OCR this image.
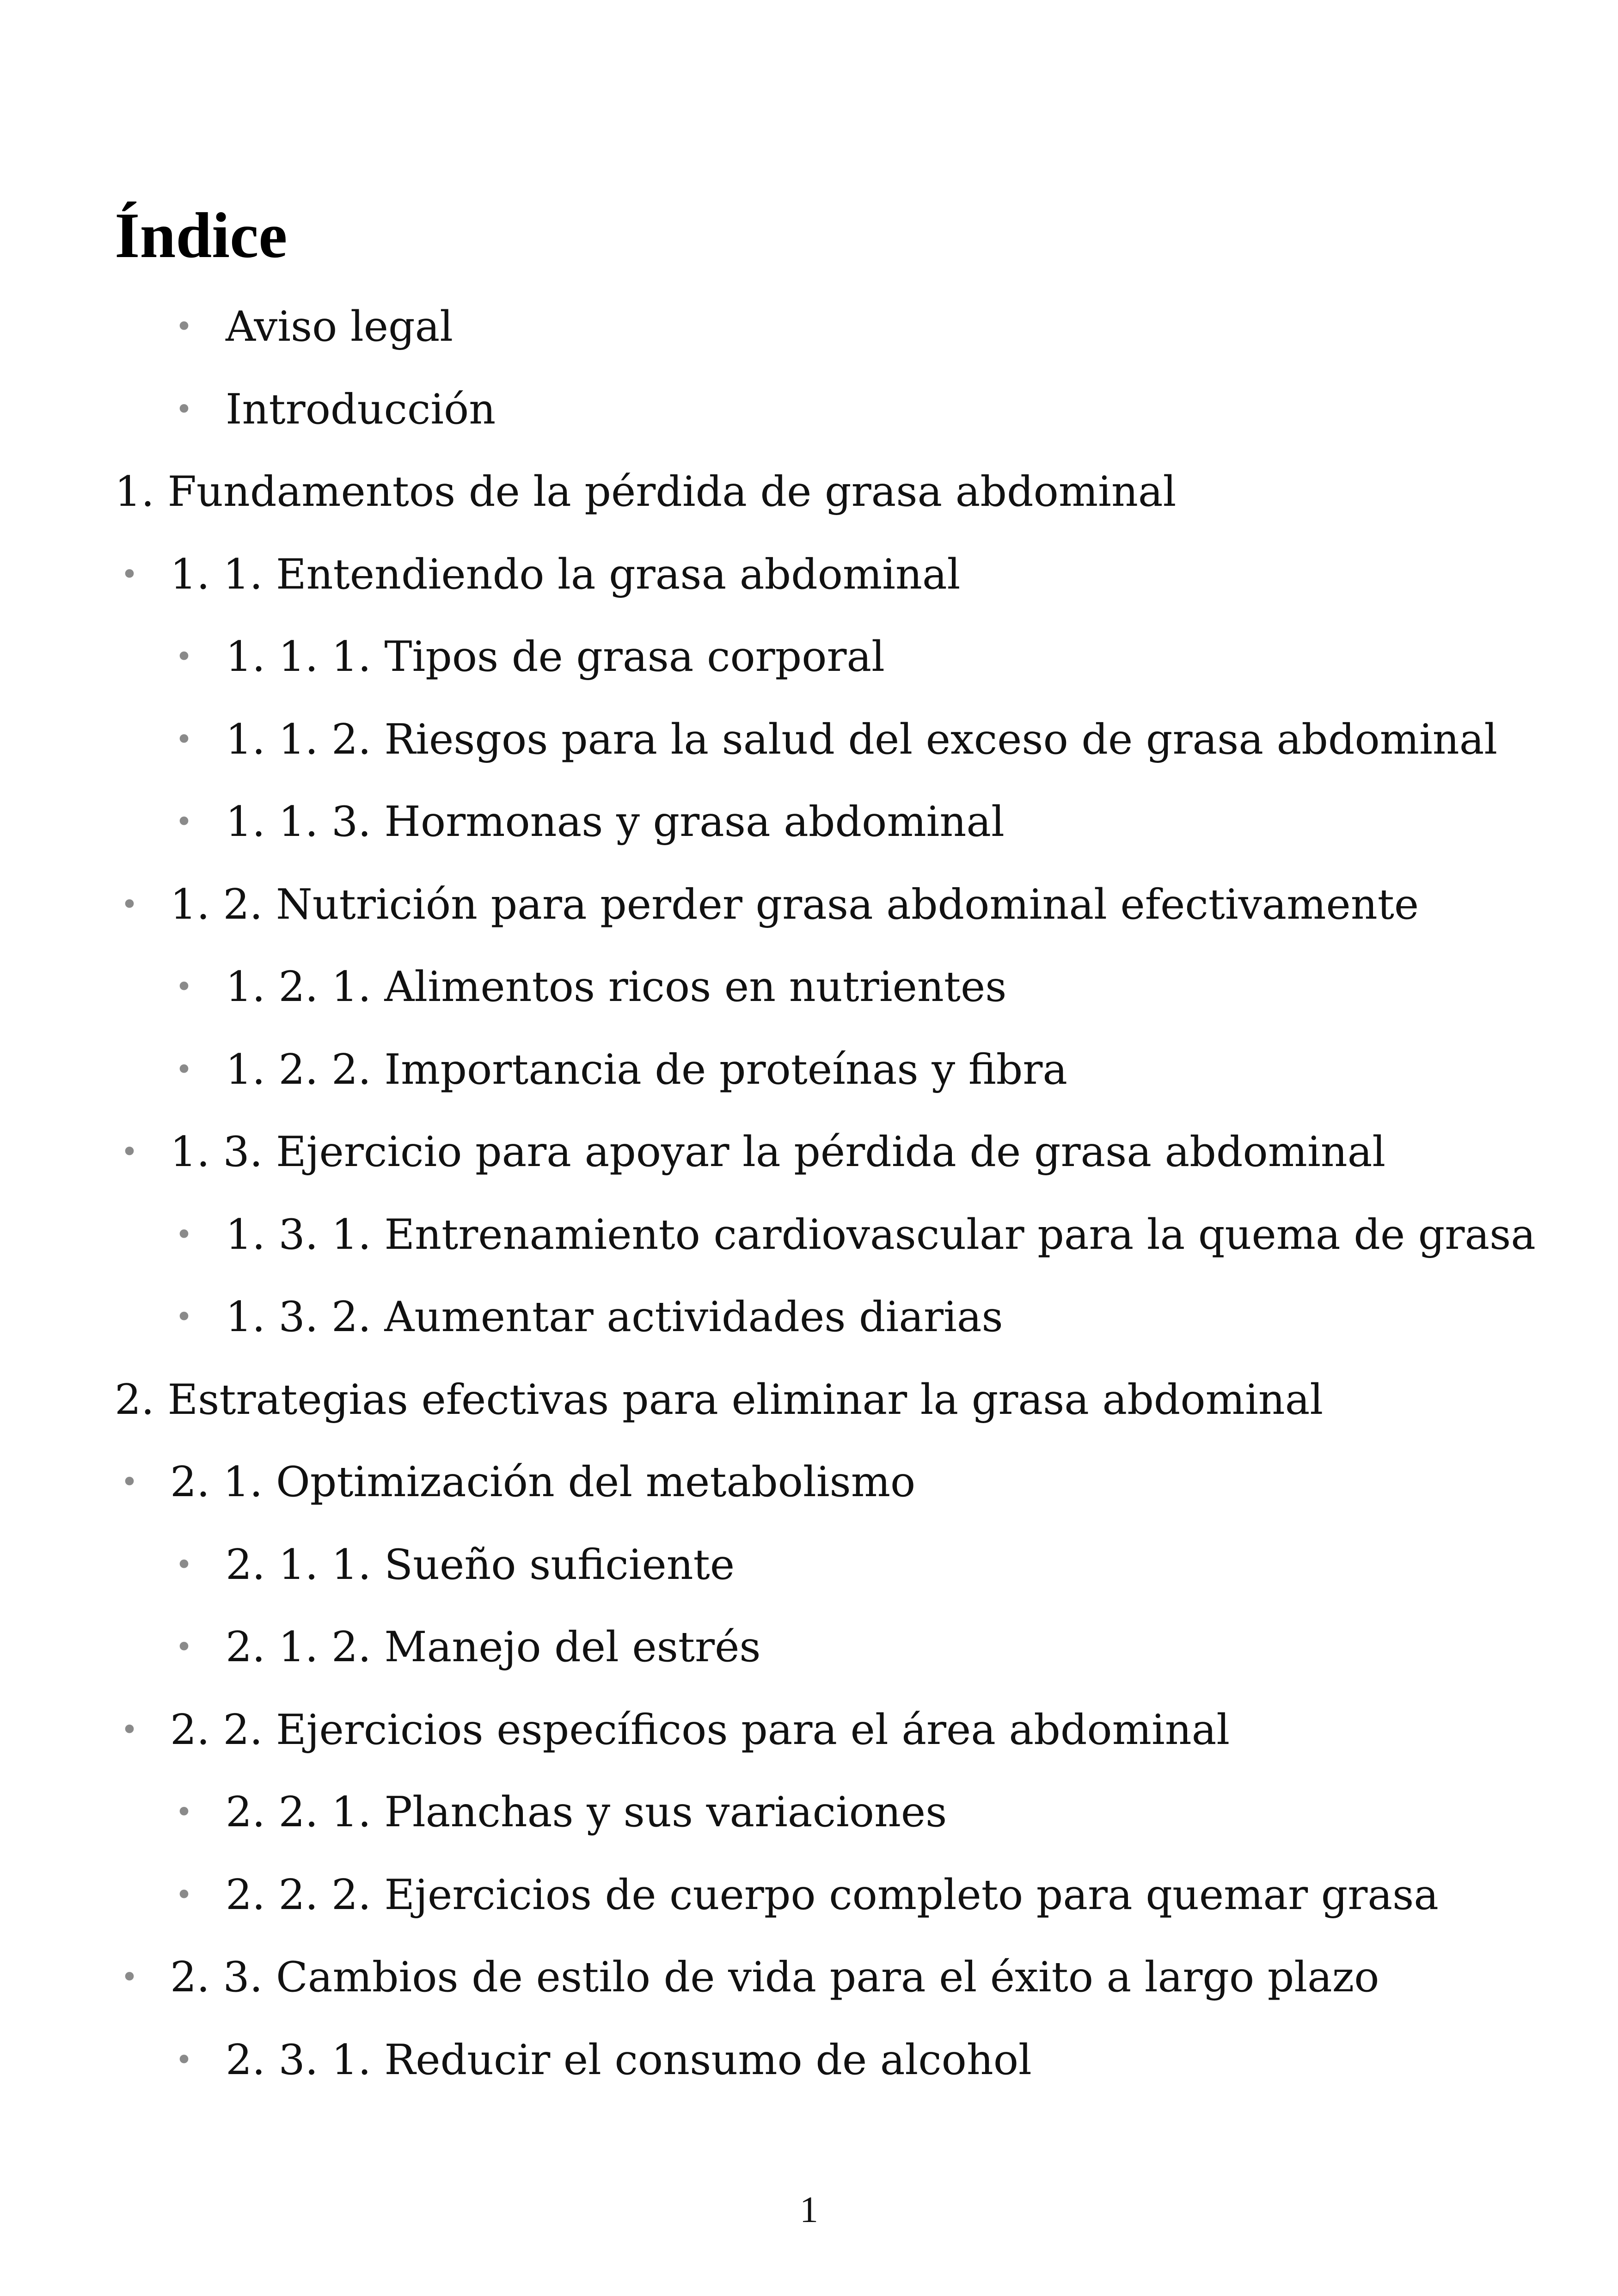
Índice
• Aviso legal
• Introducción
1. Fundamentos de la pérdida de grasa abdominal
• 1. 1. Entendiendo la grasa abdominal
• 1. 1. 1. Tipos de grasa corporal
• 1. 1. 2. Riesgos para la salud del exceso de grasa abdominal
• 1. 1. 3. Hormonas y grasa abdominal
• 1. 2. Nutrición para perder grasa abdominal efectivamente
• 1. 2. 1. Alimentos ricos en nutrientes
• 1. 2. 2. Importancia de proteínas y fibra
• 1. 3. Ejercicio para apoyar la pérdida de grasa abdominal
• 1. 3. 1. Entrenamiento cardiovascular para la quema de grasa
• 1. 3. 2. Aumentar actividades diarias
2. Estrategias efectivas para eliminar la grasa abdominal
• 2. 1. Optimización del metabolismo
• 2. 1. 1. Sueño suficiente
• 2. 1. 2. Manejo del estrés
• 2. 2. Ejercicios específicos para el área abdominal
• 2. 2. 1. Planchas y sus variaciones
• 2. 2. 2. Ejercicios de cuerpo completo para quemar grasa
• 2. 3. Cambios de estilo de vida para el éxito a largo plazo
• 2. 3. 1. Reducir el consumo de alcohol
1
